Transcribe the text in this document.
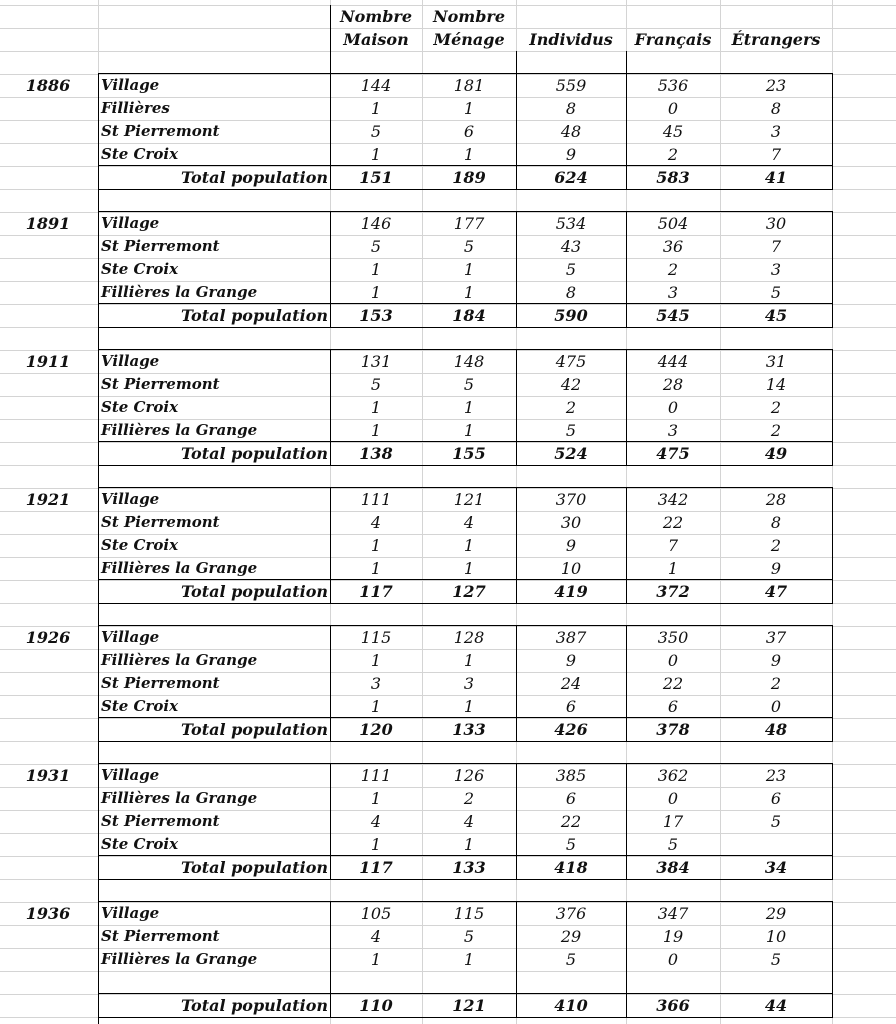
Nombre	Nombre
Maison	Ménage	Individus	Français	Étrangers
1886	Village	144	181	559	536	23
Fillières	1	1	8	0	8
St Pierremont	5	6	48	45	3
Ste Croix	1	1	9	2	7
Total population	151	189	624	583	41
1891	Village	146	177	534	504	30
St Pierremont	5	5	43	36	7
Ste Croix	1	1	5	2	3
Fillières la Grange	1	1	8	3	5
Total population	153	184	590	545	45
1911	Village	131	148	475	444	31
St Pierremont	5	5	42	28	14
Ste Croix	1	1	2	0	2
Fillières la Grange	1	1	5	3	2
Total population	138	155	524	475	49
1921	Village	111	121	370	342	28
St Pierremont	4	4	30	22	8
Ste Croix	1	1	9	7	2
Fillières la Grange	1	1	10	1	9
Total population	117	127	419	372	47
1926	Village	115	128	387	350	37
Fillières la Grange	1	1	9	0	9
St Pierremont	3	3	24	22	2
Ste Croix	1	1	6	6	0
Total population	120	133	426	378	48
1931	Village	111	126	385	362	23
Fillières la Grange	1	2	6	0	6
St Pierremont	4	4	22	17	5
Ste Croix	1	1	5	5
Total population	117	133	418	384	34
1936	Village	105	115	376	347	29
St Pierremont	4	5	29	19	10
Fillières la Grange	1	1	5	0	5
Total population	110	121	410	366	44
